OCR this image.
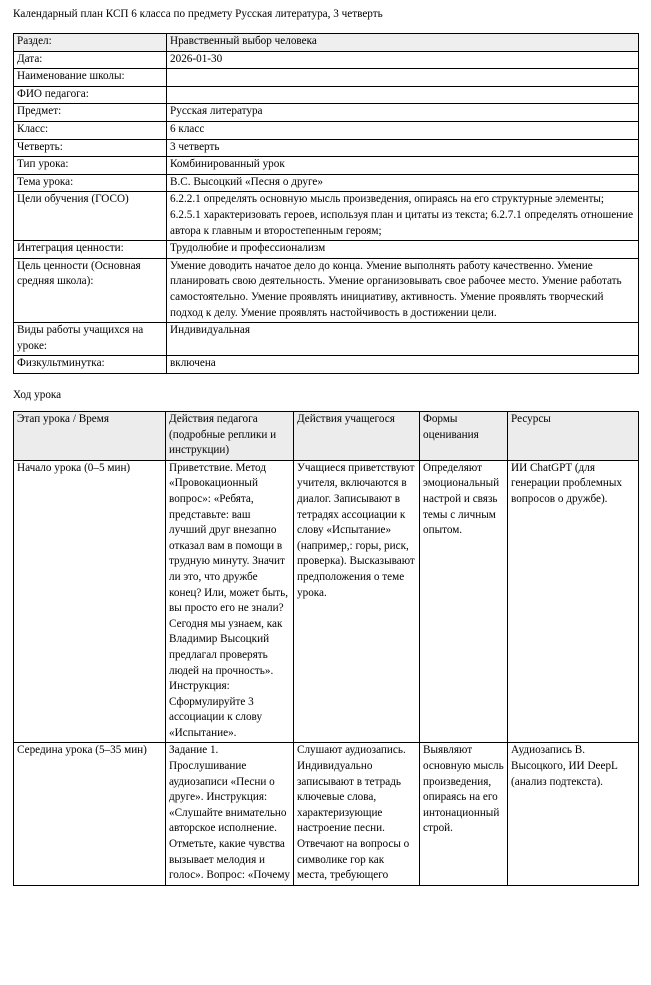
Календарный план КСП 6 класса по предмету Русская литература, 3 четверть
Раздел:	Нравственный выбор человека
Дата:	2026-01-30
Наименование школы:	
ФИО педагога:	
Предмет:	Русская литература
Класс:	6 класс
Четверть:	3 четверть
Тип урока:	Комбинированный урок
Тема урока:	В.С. Высоцкий «Песня о друге»
Цели обучения (ГОСО)	6.2.2.1 определять основную мысль произведения, опираясь на его структурные элементы; 6.2.5.1 характеризовать героев, используя план и цитаты из текста; 6.2.7.1 определять отношение автора к главным и второстепенным героям;
Интеграция ценности:	Трудолюбие и профессионализм
Цель ценности (Основная средняя школа):	Умение доводить начатое дело до конца. Умение выполнять работу качественно. Умение планировать свою деятельность. Умение организовывать свое рабочее место. Умение работать самостоятельно. Умение проявлять инициативу, активность. Умение проявлять творческий подход к делу. Умение проявлять настойчивость в достижении цели.
Виды работы учащихся на уроке:	Индивидуальная
Физкультминутка:	включена
Ход урока
Этап урока / Время	Действия педагога (подробные реплики и инструкции)	Действия учащегося	Формы оценивания	Ресурсы
Начало урока (0–5 мин)	Приветствие. Метод «Провокационный вопрос»: «Ребята, представьте: ваш лучший друг внезапно отказал вам в помощи в трудную минуту. Значит ли это, что дружбе конец? Или, может быть, вы просто его не знали? Сегодня мы узнаем, как Владимир Высоцкий предлагал проверять людей на прочность». Инструкция: Сформулируйте 3 ассоциации к слову «Испытание».	Учащиеся приветствуют учителя, включаются в диалог. Записывают в тетрадях ассоциации к слову «Испытание» (например,: горы, риск, проверка). Высказывают предположения о теме урока.	Определяют эмоциональный настрой и связь темы с личным опытом.	ИИ ChatGPT (для генерации проблемных вопросов о дружбе).
Середина урока (5–35 мин)	Задание 1. Прослушивание аудиозаписи «Песни о друге». Инструкция: «Слушайте внимательно авторское исполнение. Отметьте, какие чувства вызывает мелодия и голос». Вопрос: «Почему	Слушают аудиозапись. Индивидуально записывают в тетрадь ключевые слова, характеризующие настроение песни. Отвечают на вопросы о символике гор как места, требующего	Выявляют основную мысль произведения, опираясь на его интонационный строй.	Аудиозапись В. Высоцкого, ИИ DeepL (анализ подтекста).
